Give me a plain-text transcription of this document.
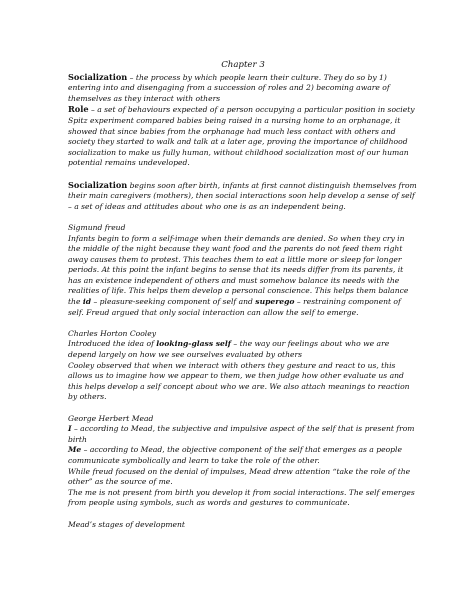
Chapter 3

Socialization – the process by which people learn their culture. They do so by 1) entering into and disengaging from a succession of roles and 2) becoming aware of themselves as they interact with others

Role – a set of behaviours expected of a person occupying a particular position in society

Spitz experiment compared babies being raised in a nursing home to an orphanage, it showed that since babies from the orphanage had much less contact with others and society they started to walk and talk at a later age, proving the importance of childhood socialization to make us fully human, without childhood socialization most of our human potential remains undeveloped.

Socialization begins soon after birth, infants at first cannot distinguish themselves from their main caregivers (mothers), then social interactions soon help develop a sense of self – a set of ideas and attitudes about who one is as an independent being.

Sigmund freud

Infants begin to form a self-image when their demands are denied. So when they cry in the middle of the night because they want food and the parents do not feed them right away causes them to protest. This teaches them to eat a little more or sleep for longer periods. At this point the infant begins to sense that its needs differ from its parents, it has an existence independent of others and must somehow balance its needs with the realities of life. This helps them develop a personal conscience. This helps them balance the id – pleasure-seeking component of self and superego – restraining component of self. Freud argued that only social interaction can allow the self to emerge.

Charles Horton Cooley

Introduced the idea of looking-glass self – the way our feelings about who we are depend largely on how we see ourselves evaluated by others

Cooley observed that when we interact with others they gesture and react to us, this allows us to imagine how we appear to them, we then judge how other evaluate us and this helps develop a self concept about who we are. We also attach meanings to reaction by others.

George Herbert Mead

I – according to Mead, the subjective and impulsive aspect of the self that is present from birth

Me – according to Mead, the objective component of the self that emerges as a people communicate symbolically and learn to take the role of the other.

While freud focused on the denial of impulses, Mead drew attention “take the role of the other” as the source of me.

The me is not present from birth you develop it from social interactions. The self emerges from people using symbols, such as words and gestures to communicate.

Mead’s stages of development
